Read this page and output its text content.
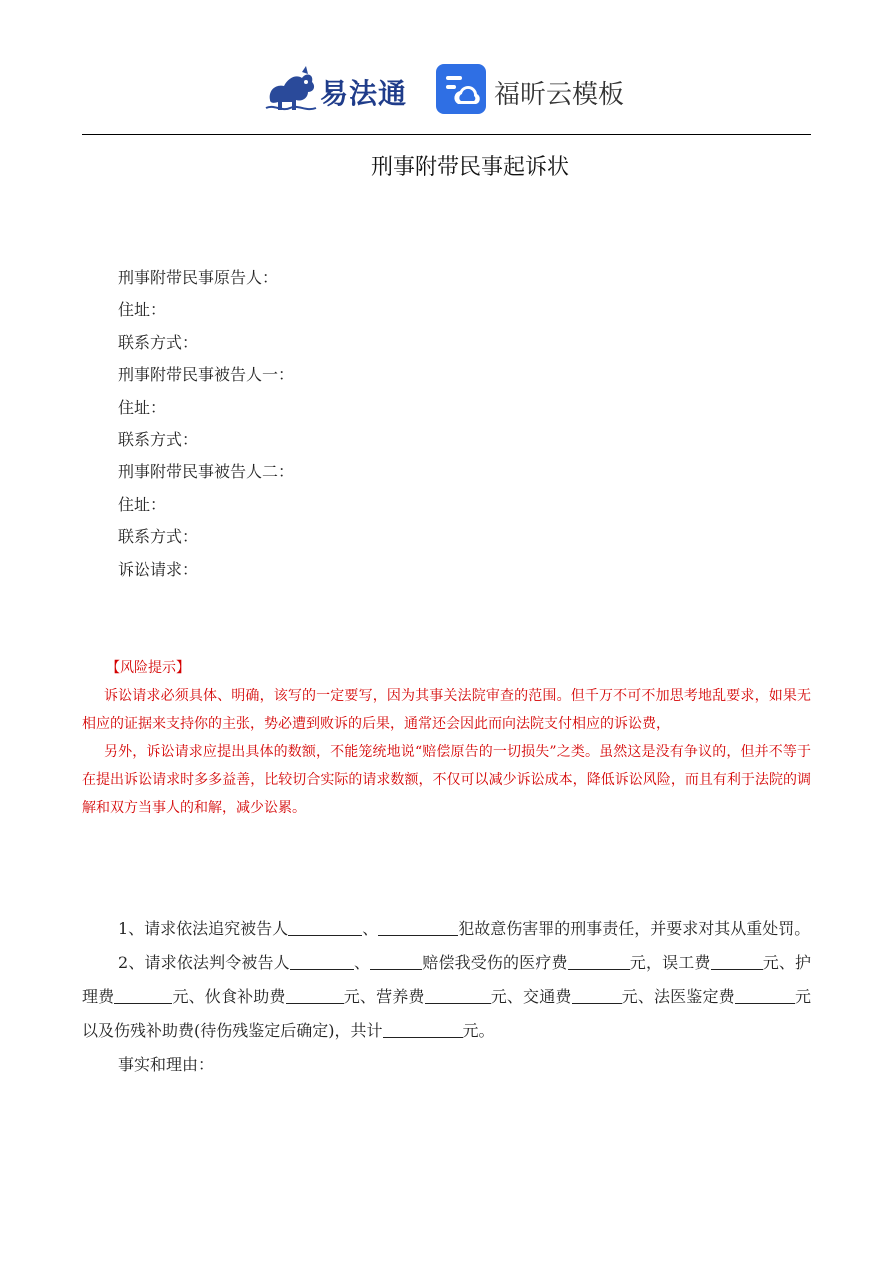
易法通	福昕云模板
刑事附带民事起诉状
刑事附带民事原告人：
住址：
联系方式：
刑事附带民事被告人一：
住址：
联系方式：
刑事附带民事被告人二：
住址：
联系方式：
诉讼请求：
【风险提示】
诉讼请求必须具体、明确，该写的一定要写，因为其事关法院审查的范围。但千万不可不加思考地乱要求，如果无相应的证据来支持你的主张，势必遭到败诉的后果，通常还会因此而向法院支付相应的诉讼费，
另外，诉讼请求应提出具体的数额，不能笼统地说“赔偿原告的一切损失”之类。虽然这是没有争议的，但并不等于在提出诉讼请求时多多益善，比较切合实际的请求数额，不仅可以减少诉讼成本，降低诉讼风险，而且有利于法院的调解和双方当事人的和解，减少讼累。
1、请求依法追究被告人	、	犯故意伤害罪的刑事责任，并要求对其从重处罚。
2、请求依法判令被告人	、	赔偿我受伤的医疗费	元，误工费	元、护理费	元、伙食补助费	元、营养费	元、交通费	元、法医鉴定费	元以及伤残补助费(待伤残鉴定后确定)，共计	元。
事实和理由：
